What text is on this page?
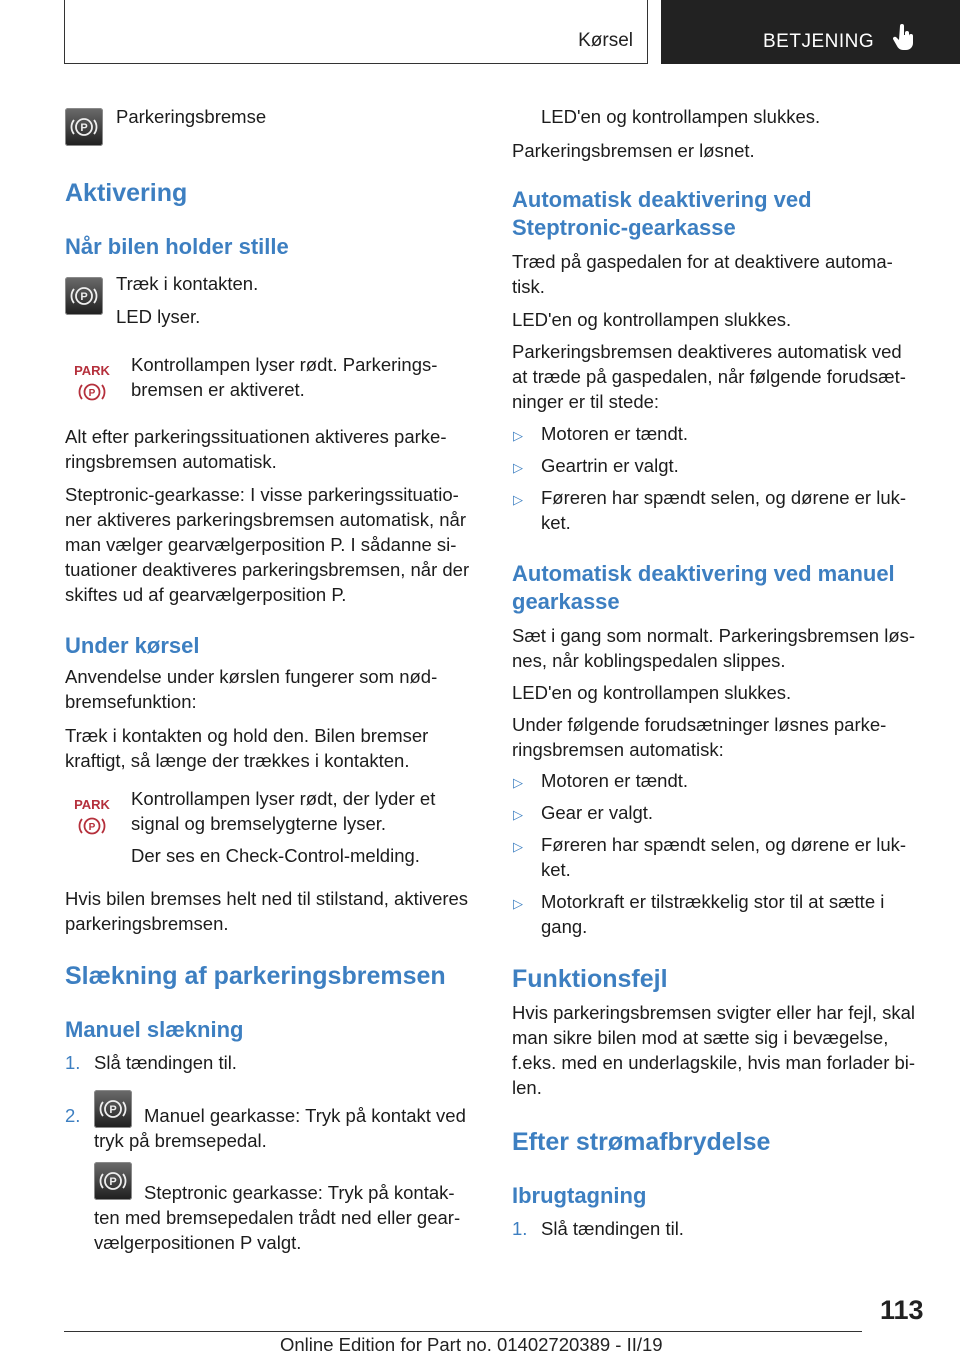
Kørsel	BETJENING
P

Parkeringsbremse

Aktivering

Når bilen holder stille

P

Træk i kontakten.

LED lyser.

PARK
P

Kontrollampen lyser rødt. Parkerings-

bremsen er aktiveret.

Alt efter parkeringssituationen aktiveres parke-

ringsbremsen automatisk.

Steptronic-gearkasse: I visse parkeringssituatio-

ner aktiveres parkeringsbremsen automatisk, når

man vælger gearvælgerposition P. I sådanne si-

tuationer deaktiveres parkeringsbremsen, når der

skiftes ud af gearvælgerposition P.

Under kørsel

Anvendelse under kørslen fungerer som nød-

bremsefunktion:

Træk i kontakten og hold den. Bilen bremser

kraftigt, så længe der trækkes i kontakten.

PARK
P

Kontrollampen lyser rødt, der lyder et

signal og bremselygterne lyser.

Der ses en Check-Control-melding.

Hvis bilen bremses helt ned til stilstand, aktiveres

parkeringsbremsen.

Slækning af parkeringsbremsen

Manuel slækning

1. Slå tændingen til.

2.	P Manuel gearkasse: Tryk på kontakt ved

tryk på bremsepedal.

P Steptronic gearkasse: Tryk på kontak-

ten med bremsepedalen trådt ned eller gear-

vælgerpositionen P valgt.

LED'en og kontrollampen slukkes.

Parkeringsbremsen er løsnet.

Automatisk deaktivering ved

Steptronic-gearkasse

Træd på gaspedalen for at deaktivere automa-

tisk.

LED'en og kontrollampen slukkes.

Parkeringsbremsen deaktiveres automatisk ved

at træde på gaspedalen, når følgende forudsæt-

ninger er til stede:

▷ Motoren er tændt.

▷ Geartrin er valgt.

▷ Føreren har spændt selen, og dørene er luk-

ket.

Automatisk deaktivering ved manuel

gearkasse

Sæt i gang som normalt. Parkeringsbremsen løs-

nes, når koblingspedalen slippes.

LED'en og kontrollampen slukkes.

Under følgende forudsætninger løsnes parke-

ringsbremsen automatisk:

▷ Motoren er tændt.

▷ Gear er valgt.

▷ Føreren har spændt selen, og dørene er luk-

ket.

▷ Motorkraft er tilstrækkelig stor til at sætte i

gang.

Funktionsfejl

Hvis parkeringsbremsen svigter eller har fejl, skal

man sikre bilen mod at sætte sig i bevægelse,

f.eks. med en underlagskile, hvis man forlader bi-

len.

Efter strømafbrydelse

Ibrugtagning

1. Slå tændingen til.

113
Online Edition for Part no. 01402720389 - II/19
